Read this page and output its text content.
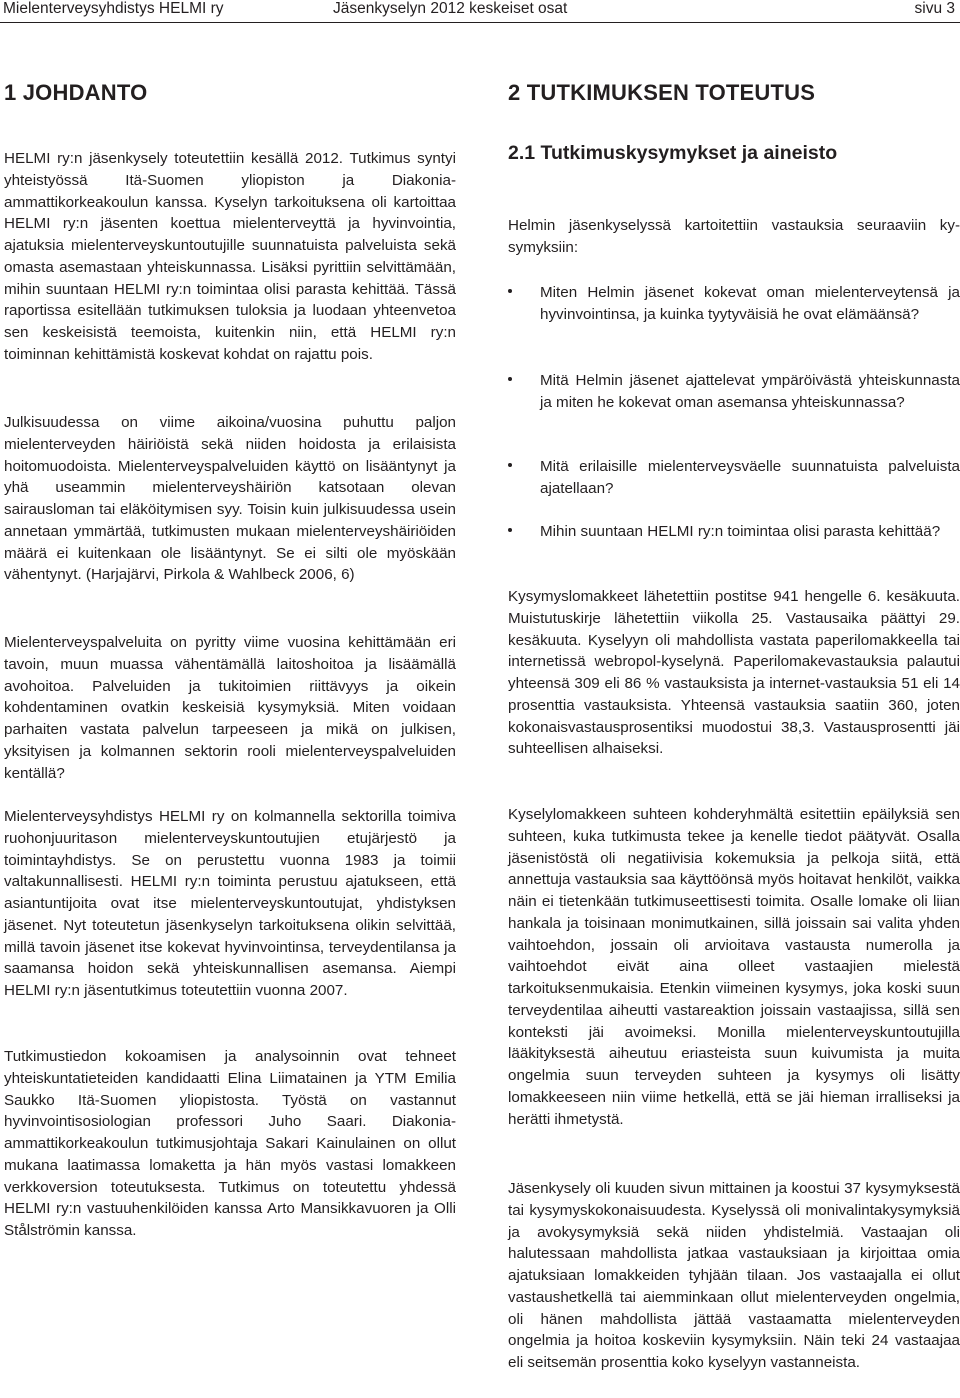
Mielenterveysyhdistys HELMI ry	Jäsenkyselyn 2012 keskeiset osat	sivu 3
1 JOHDANTO

HELMI ry:n jäsenkysely toteutettiin kesällä 2012. Tutkimus syntyi yhteistyössä Itä-Suomen yliopiston ja Diakoniaammattikorkeakoulun kanssa. Kyselyn tarkoituksena oli kartoittaa HELMI ry:n jäsenten koettua mielenterveyttä ja hyvinvointia, ajatuksia mielenterveyskuntoutujille suunnatuista palveluista sekä omasta asemastaan yhteiskunnassa. Lisäksi pyrittiin selvittämään, mihin suuntaan HELMI ry:n toimintaa olisi parasta kehittää. Tässä raportissa esitellään tutkimuksen tuloksia ja luodaan yhteenvetoa sen keskeisistä teemoista, kuitenkin niin, että HELMI ry:n toiminnan kehittämistä koskevat kohdat on rajattu pois.

Julkisuudessa on viime aikoina/vuosina puhuttu paljon mielenterveyden häiriöistä sekä niiden hoidosta ja erilaisista hoitomuodoista. Mielenterveyspalveluiden käyttö on lisääntynyt ja yhä useammin mielenterveyshäiriön katsotaan olevan sairausloman tai eläköitymisen syy. Toisin kuin julkisuudessa usein annetaan ymmärtää, tutkimusten mukaan mielenterveyshäiriöiden määrä ei kuitenkaan ole lisääntynyt. Se ei silti ole myöskään vähentynyt. (Harjajärvi, Pirkola & Wahlbeck 2006, 6)

Mielenterveyspalveluita on pyritty viime vuosina kehittämään eri tavoin, muun muassa vähentämällä laitoshoitoa ja lisäämällä avohoitoa. Palveluiden ja tukitoimien riittävyys ja oikein kohdentaminen ovatkin keskeisiä kysymyksiä. Miten voidaan parhaiten vastata palvelun tarpeeseen ja mikä on julkisen, yksityisen ja kolmannen sektorin rooli mielenterveyspalveluiden kentällä?

Mielenterveysyhdistys HELMI ry on kolmannella sektorilla toimiva ruohonjuuritason mielenterveyskuntoutujien etujärjestö ja toimintayhdistys. Se on perustettu vuonna 1983 ja toimii valtakunnallisesti. HELMI ry:n toiminta perustuu ajatukseen, että asiantuntijoita ovat itse mielenterveyskuntoutujat, yhdistyksen jäsenet. Nyt toteutetun jäsenkyselyn tarkoituksena olikin selvittää, millä tavoin jäsenet itse kokevat hyvinvointinsa, terveydentilansa ja saamansa hoidon sekä yhteiskunnallisen asemansa. Aiempi HELMI ry:n jäsentutkimus toteutettiin vuonna 2007.

Tutkimustiedon kokoamisen ja analysoinnin ovat tehneet yhteiskuntatieteiden kandidaatti Elina Liimatainen ja YTM Emilia Saukko Itä-Suomen yliopistosta. Työstä on vastannut hyvinvointisosiologian professori Juho Saari. Diakoniaammattikorkeakoulun tutkimusjohtaja Sakari Kainulainen on ollut mukana laatimassa lomaketta ja hän myös vastasi lomakkeen verkkoversion toteutuksesta. Tutkimus on toteutettu yhdessä HELMI ry:n vastuuhenkilöiden kanssa Arto Mansikkavuoren ja Olli Stålströmin kanssa.

2 TUTKIMUKSEN TOTEUTUS
2.1 Tutkimuskysymykset ja aineisto

Helmin jäsenkyselyssä kartoitettiin vastauksia seuraaviin kysymyksiin:

Miten Helmin jäsenet kokevat oman mielenterveytensä ja hyvinvointinsa, ja kuinka tyytyväisiä he ovat elämäänsä?
Mitä Helmin jäsenet ajattelevat ympäröivästä yhteiskunnasta ja miten he kokevat oman asemansa yhteiskunnassa?
Mitä erilaisille mielenterveysväelle suunnatuista palveluista ajatellaan?
Mihin suuntaan HELMI ry:n toimintaa olisi parasta kehittää?

Kysymyslomakkeet lähetettiin postitse 941 hengelle 6. kesäkuuta. Muistutuskirje lähetettiin viikolla 25. Vastausaika päättyi 29. kesäkuuta. Kyselyyn oli mahdollista vastata paperilomakkeella tai internetissä webropol-kyselynä. Paperilomakevastauksia palautui yhteensä 309 eli 86 % vastauksista ja internet-vastauksia 51 eli 14 prosenttia vastauksista. Yhteensä vastauksia saatiin 360, joten kokonaisvastausprosentiksi muodostui 38,3. Vastausprosentti jäi suhteellisen alhaiseksi.

Kyselylomakkeen suhteen kohderyhmältä esitettiin epäilyksiä sen suhteen, kuka tutkimusta tekee ja kenelle tiedot päätyvät. Osalla jäsenistöstä oli negatiivisia kokemuksia ja pelkoja siitä, että annettuja vastauksia saa käyttöönsä myös hoitavat henkilöt, vaikka näin ei tietenkään tutkimuseettisesti toimita. Osalle lomake oli liian hankala ja toisinaan monimutkainen, sillä joissain sai valita yhden vaihtoehdon, jossain oli arvioitava vastausta numerolla ja vaihtoehdot eivät aina olleet vastaajien mielestä tarkoituksenmukaisia. Etenkin viimeinen kysymys, joka koski suun terveydentilaa aiheutti vastareaktion joissain vastaajissa, sillä sen konteksti jäi avoimeksi. Monilla mielenterveyskuntoutujilla lääkityksestä aiheutuu eriasteista suun kuivumista ja muita ongelmia suun terveyden suhteen ja kysymys oli lisätty lomakkeeseen niin viime hetkellä, että se jäi hieman irralliseksi ja herätti ihmetystä.

Jäsenkysely oli kuuden sivun mittainen ja koostui 37 kysymyksestä tai kysymyskokonaisuudesta. Kyselyssä oli monivalintakysymyksiä ja avokysymyksiä sekä niiden yhdistelmiä. Vastaajan oli halutessaan mahdollista jatkaa vastauksiaan ja kirjoittaa omia ajatuksiaan lomakkeiden tyhjään tilaan. Jos vastaajalla ei ollut vastaushetkellä tai aiemminkaan ollut mielenterveyden ongelmia, oli hänen mahdollista jättää vastaamatta mielenterveyden ongelmia ja hoitoa koskeviin kysymyksiin. Näin teki 24 vastaajaa eli seitsemän prosenttia koko kyselyyn vastanneista.
